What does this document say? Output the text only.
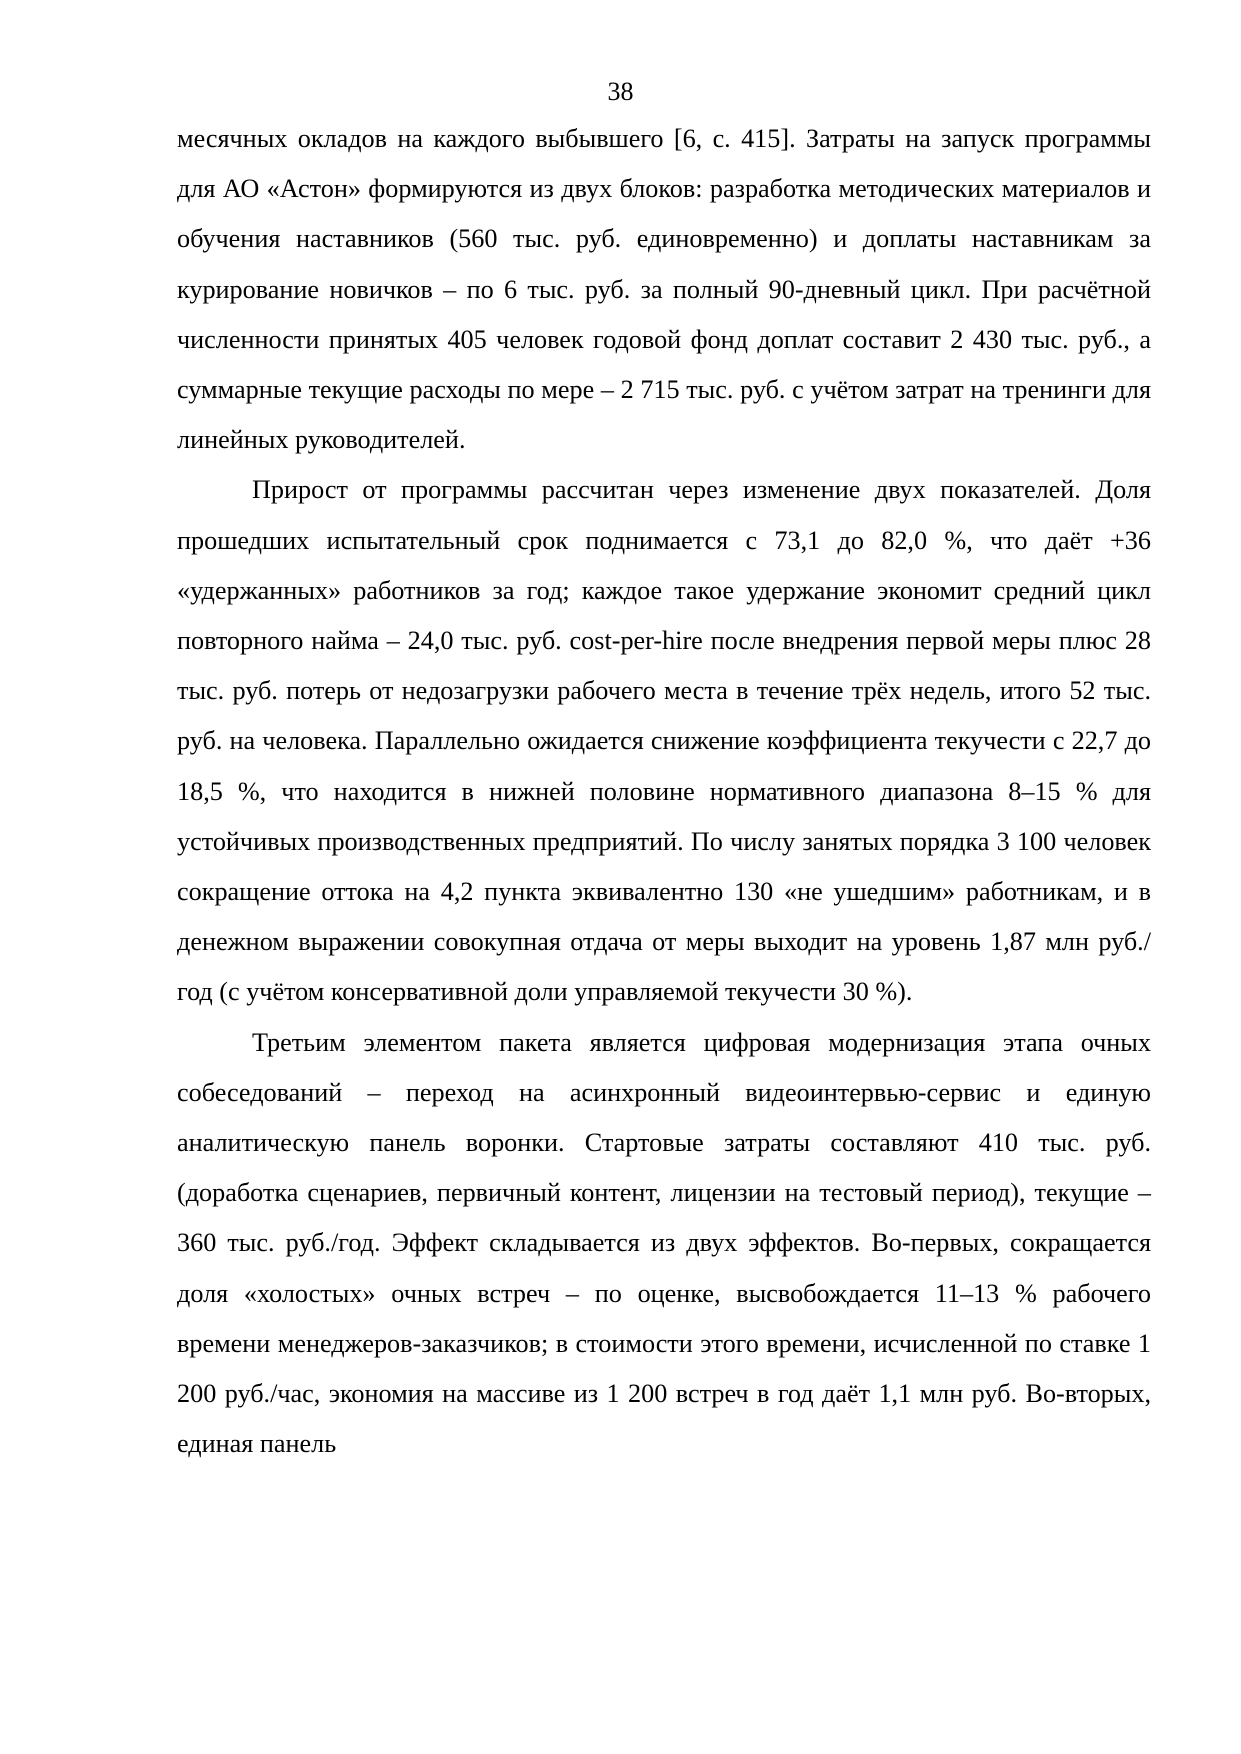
38

месячных окладов на каждого выбывшего [6, с. 415]. Затраты на запуск программы для АО «Астон» формируются из двух блоков: разработка методических материалов и обучения наставников (560 тыс. руб. единовременно) и доплаты наставникам за курирование новичков – по 6 тыс. руб. за полный 90-дневный цикл. При расчётной численности принятых 405 человек годовой фонд доплат составит 2 430 тыс. руб., а суммарные текущие расходы по мере – 2 715 тыс. руб. с учётом затрат на тренинги для линейных руководителей.

Прирост от программы рассчитан через изменение двух показателей. Доля прошедших испытательный срок поднимается с 73,1 до 82,0 %, что даёт +36 «удержанных» работников за год; каждое такое удержание экономит средний цикл повторного найма – 24,0 тыс. руб. cost-per-hire после внедрения первой меры плюс 28 тыс. руб. потерь от недозагрузки рабочего места в течение трёх недель, итого 52 тыс. руб. на человека. Параллельно ожидается снижение коэффициента текучести с 22,7 до 18,5 %, что находится в нижней половине нормативного диапазона 8–15 % для устойчивых производственных предприятий. По числу занятых порядка 3 100 человек сокращение оттока на 4,2 пункта эквивалентно 130 «не ушедшим» работникам, и в денежном выражении совокупная отдача от меры выходит на уровень 1,87 млн руб./год (с учётом консервативной доли управляемой текучести 30 %).

Третьим элементом пакета является цифровая модернизация этапа очных собеседований – переход на асинхронный видеоинтервью-сервис и единую аналитическую панель воронки. Стартовые затраты составляют 410 тыс. руб. (доработка сценариев, первичный контент, лицензии на тестовый период), текущие – 360 тыс. руб./год. Эффект складывается из двух эффектов. Во-первых, сокращается доля «холостых» очных встреч – по оценке, высвобождается 11–13 % рабочего времени менеджеров-заказчиков; в стоимости этого времени, исчисленной по ставке 1 200 руб./час, экономия на массиве из 1 200 встреч в год даёт 1,1 млн руб. Во-вторых, единая панель
